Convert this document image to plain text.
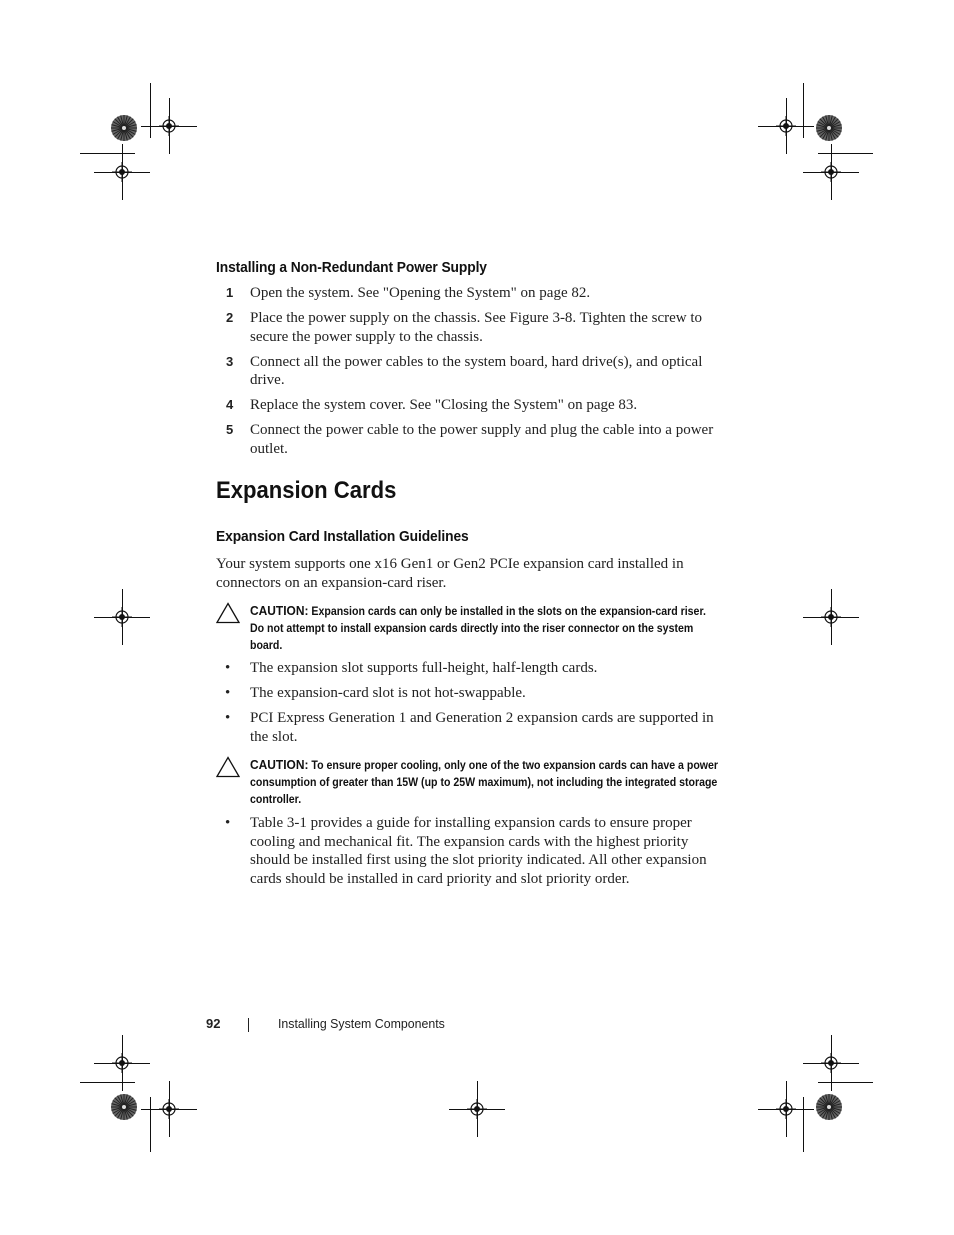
Installing a Non-Redundant Power Supply
1 Open the system. See "Opening the System" on page 82.
2 Place the power supply on the chassis. See Figure 3-8. Tighten the screw to secure the power supply to the chassis.
3 Connect all the power cables to the system board, hard drive(s), and optical drive.
4 Replace the system cover. See "Closing the System" on page 83.
5 Connect the power cable to the power supply and plug the cable into a power outlet.
Expansion Cards
Expansion Card Installation Guidelines

Your system supports one x16 Gen1 or Gen2 PCIe expansion card installed in connectors on an expansion-card riser.

CAUTION: Expansion cards can only be installed in the slots on the expansion-card riser. Do not attempt to install expansion cards directly into the riser connector on the system board.

• The expansion slot supports full-height, half-length cards.
• The expansion-card slot is not hot-swappable.
• PCI Express Generation 1 and Generation 2 expansion cards are supported in the slot.

CAUTION: To ensure proper cooling, only one of the two expansion cards can have a power consumption of greater than 15W (up to 25W maximum), not including the integrated storage controller.

• Table 3-1 provides a guide for installing expansion cards to ensure proper cooling and mechanical fit. The expansion cards with the highest priority should be installed first using the slot priority indicated. All other expansion cards should be installed in card priority and slot priority order.
92	Installing System Components
